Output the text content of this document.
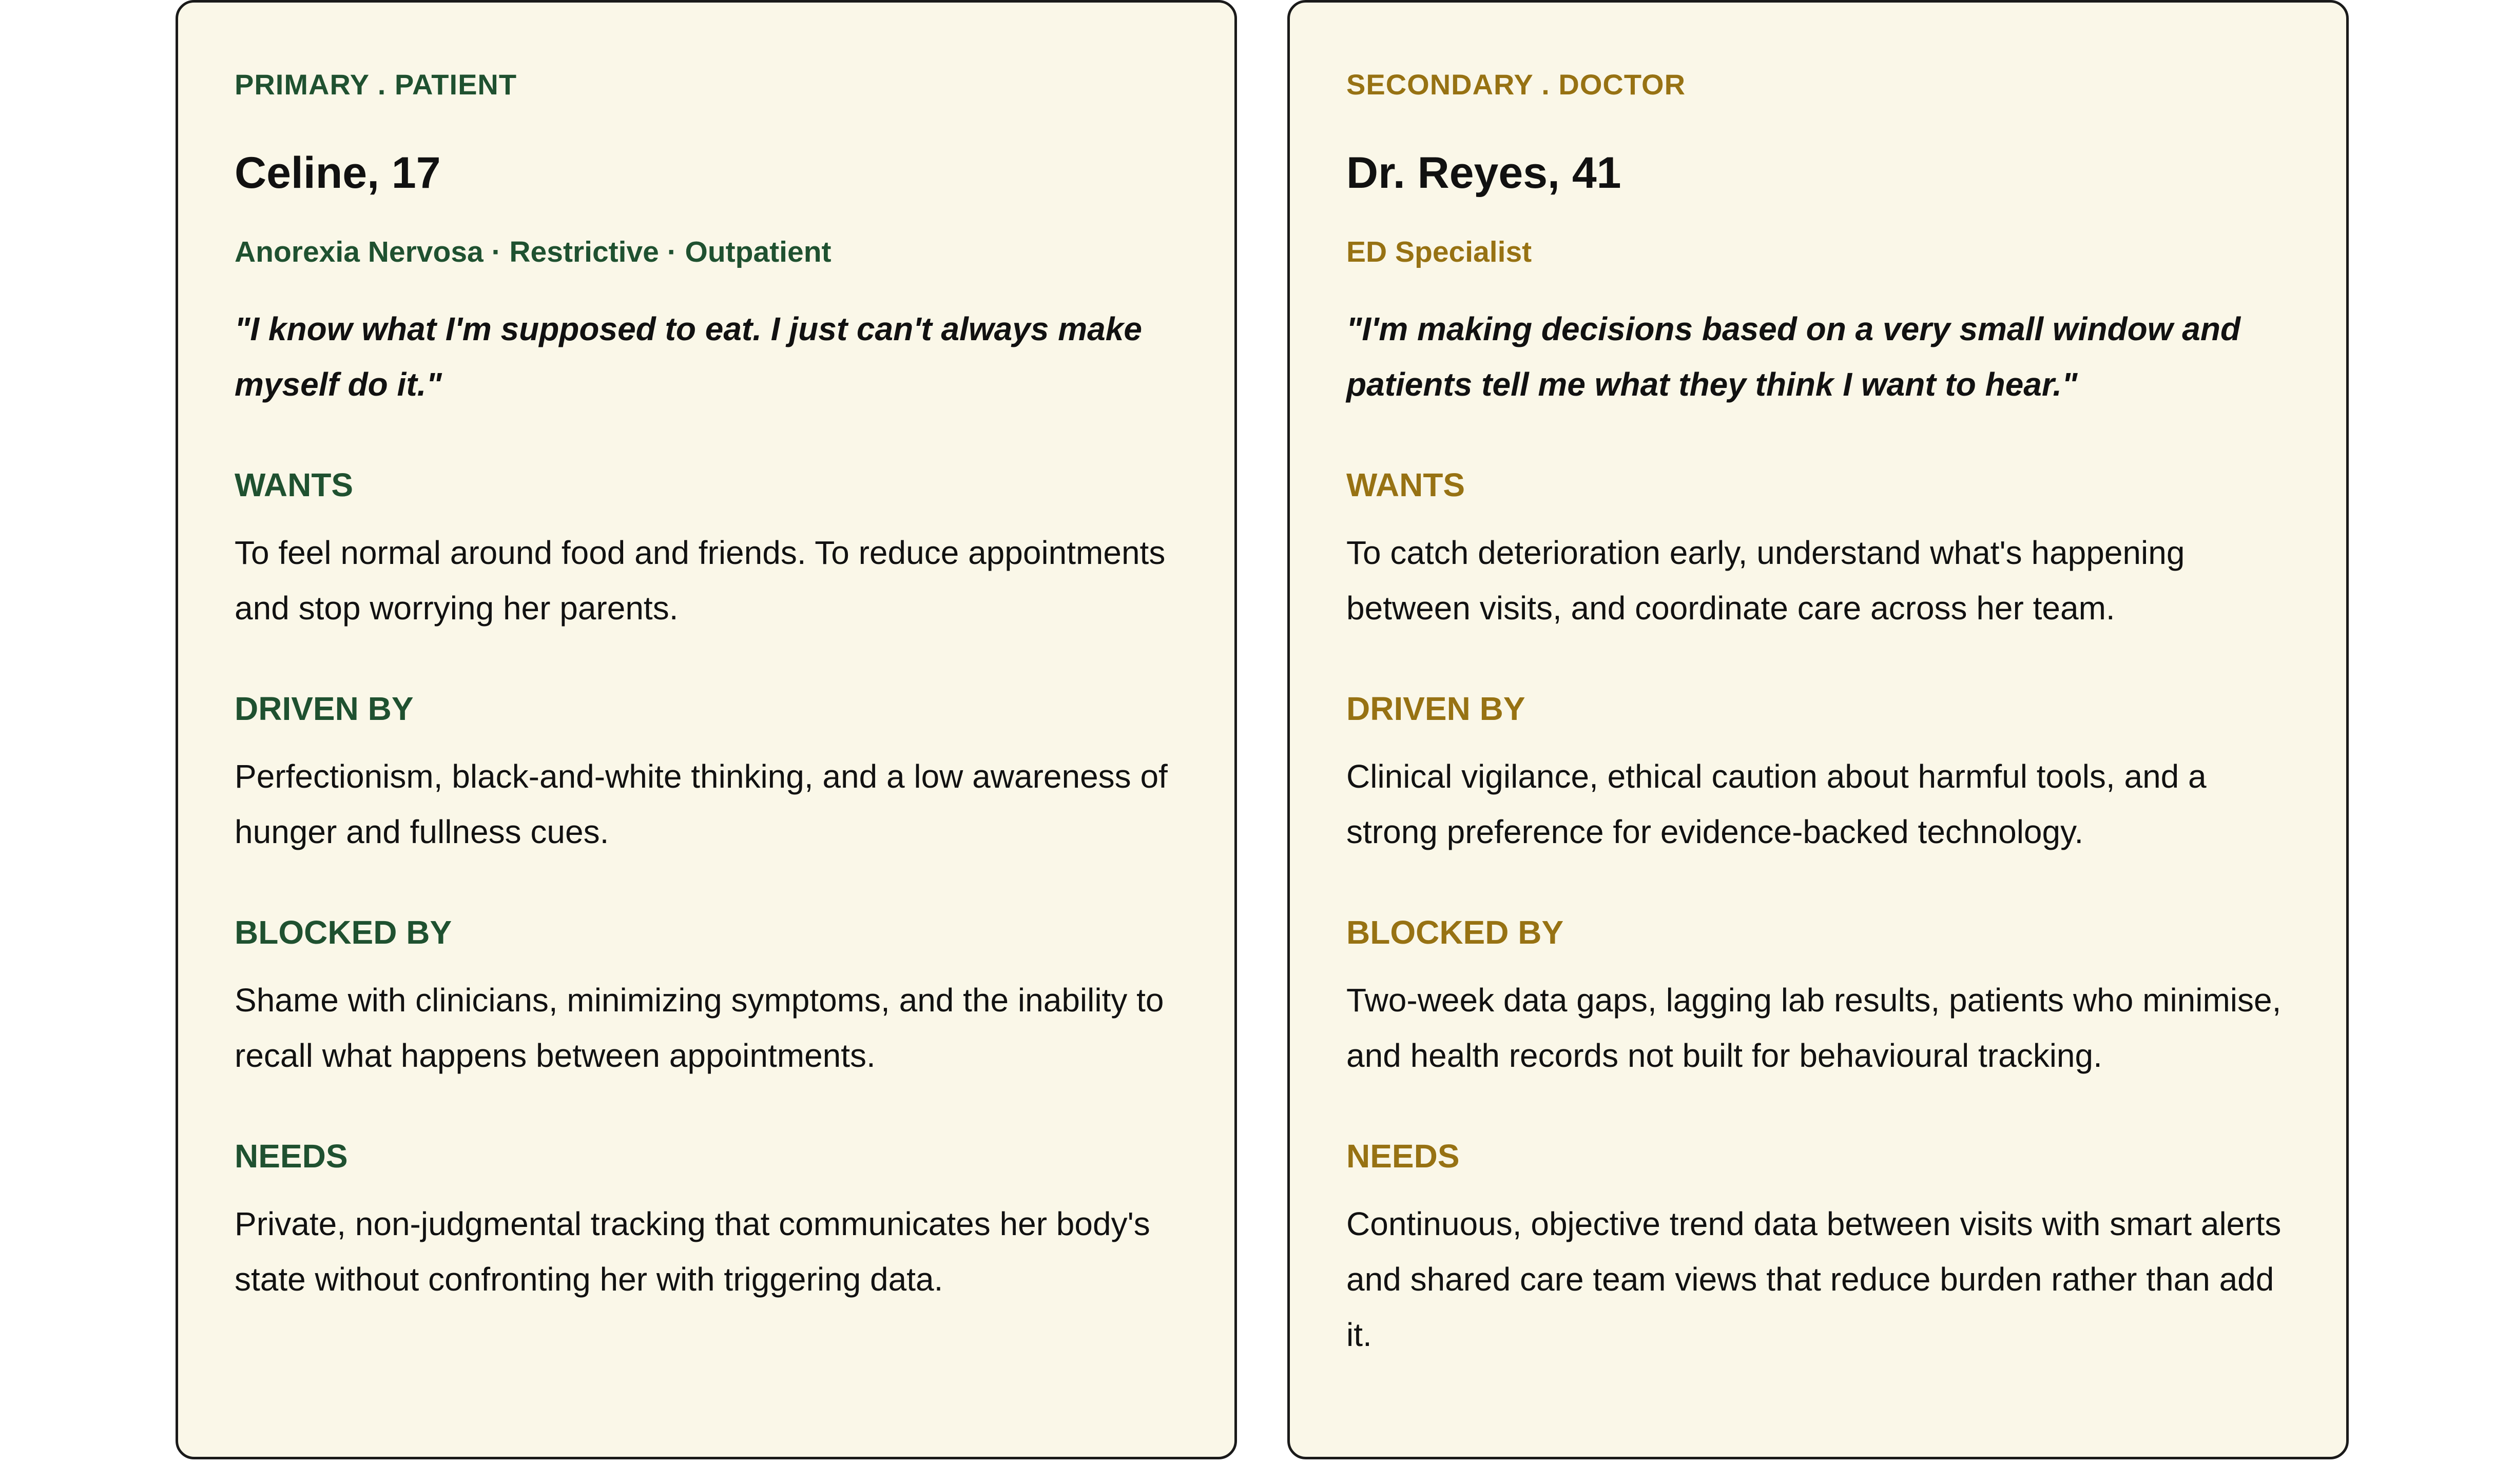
PRIMARY . PATIENT
Celine, 17
Anorexia Nervosa · Restrictive · Outpatient
"I know what I'm supposed to eat. I just can't always make myself do it."
WANTS
To feel normal around food and friends. To reduce appointments and stop worrying her parents.
DRIVEN BY
Perfectionism, black-and-white thinking, and a low awareness of hunger and fullness cues.
BLOCKED BY
Shame with clinicians, minimizing symptoms, and the inability to recall what happens between appointments.
NEEDS
Private, non-judgmental tracking that communicates her body's state without confronting her with triggering data.
SECONDARY . DOCTOR
Dr. Reyes, 41
ED Specialist
"I'm making decisions based on a very small window and patients tell me what they think I want to hear."
WANTS
To catch deterioration early, understand what's happening between visits, and coordinate care across her team.
DRIVEN BY
Clinical vigilance, ethical caution about harmful tools, and a strong preference for evidence-backed technology.
BLOCKED BY
Two-week data gaps, lagging lab results, patients who minimise, and health records not built for behavioural tracking.
NEEDS
Continuous, objective trend data between visits with smart alerts and shared care team views that reduce burden rather than add it.
